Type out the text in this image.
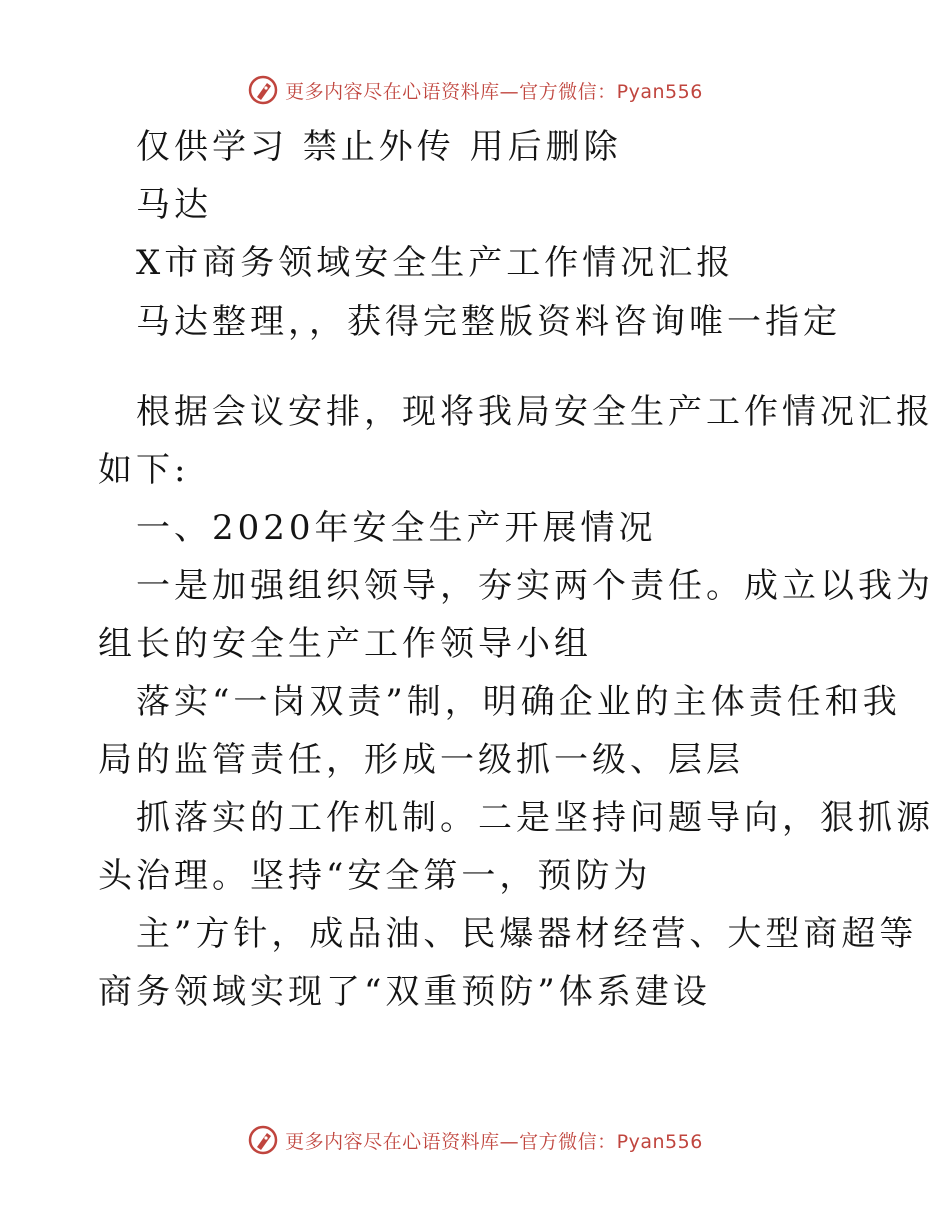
更多内容尽在心语资料库—官方微信：Pyan556

仅供学习 禁止外传 用后删除

马达

X市商务领域安全生产工作情况汇报

马达整理，，获得完整版资料咨询唯一指定

根据会议安排，现将我局安全生产工作情况汇报

如下:

一、2020年安全生产开展情况

一是加强组织领导，夯实两个责任。成立以我为

组长的安全生产工作领导小组

落实“一岗双责”制，明确企业的主体责任和我

局的监管责任，形成一级抓一级、层层

抓落实的工作机制。二是坚持问题导向，狠抓源

头治理。坚持“安全第一，预防为

主”方针，成品油、民爆器材经营、大型商超等

商务领域实现了“双重预防”体系建设

更多内容尽在心语资料库—官方微信：Pyan556
